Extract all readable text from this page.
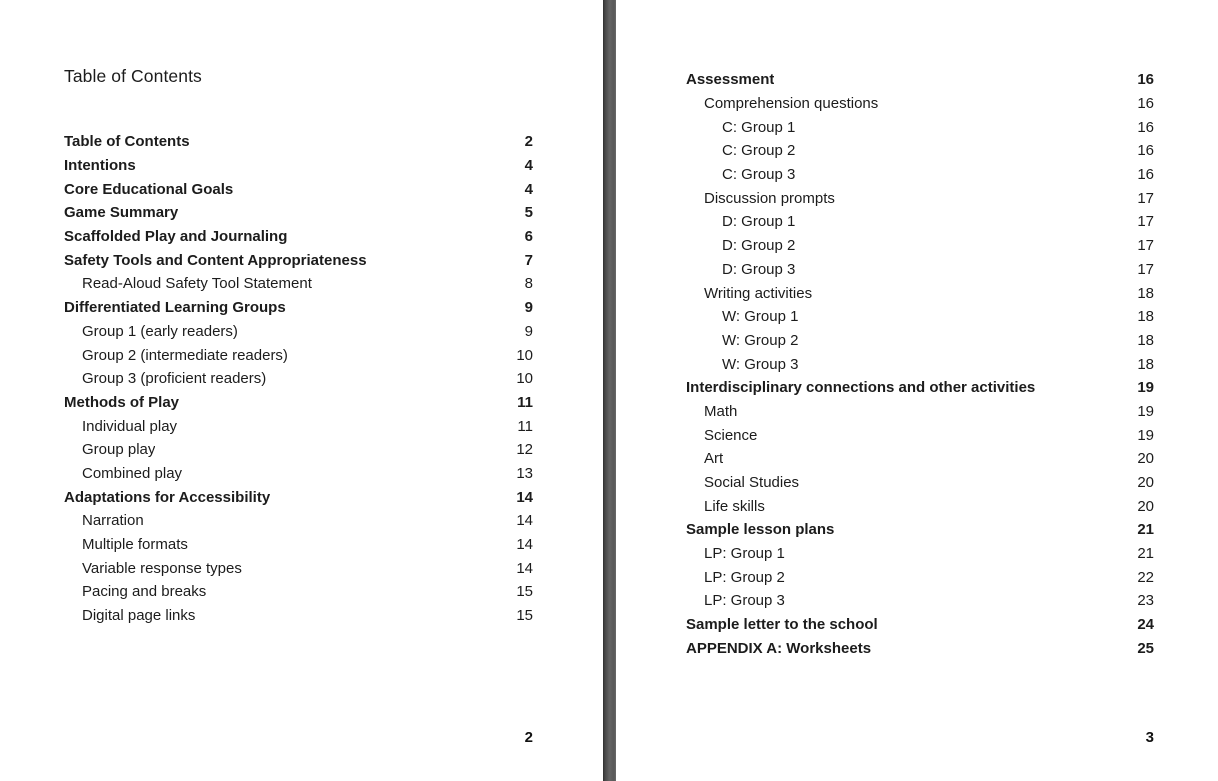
Table of Contents
Table of Contents	2
Intentions	4
Core Educational Goals	4
Game Summary	5
Scaffolded Play and Journaling	6
Safety Tools and Content Appropriateness	7
Read-Aloud Safety Tool Statement	8
Differentiated Learning Groups	9
Group 1 (early readers)	9
Group 2 (intermediate readers)	10
Group 3 (proficient readers)	10
Methods of Play	11
Individual play	11
Group play	12
Combined play	13
Adaptations for Accessibility	14
Narration	14
Multiple formats	14
Variable response types	14
Pacing and breaks	15
Digital page links	15
2
Assessment	16
Comprehension questions	16
C: Group 1	16
C: Group 2	16
C: Group 3	16
Discussion prompts	17
D: Group 1	17
D: Group 2	17
D: Group 3	17
Writing activities	18
W: Group 1	18
W: Group 2	18
W: Group 3	18
Interdisciplinary connections and other activities	19
Math	19
Science	19
Art	20
Social Studies	20
Life skills	20
Sample lesson plans	21
LP: Group 1	21
LP: Group 2	22
LP: Group 3	23
Sample letter to the school	24
APPENDIX A: Worksheets	25
3
